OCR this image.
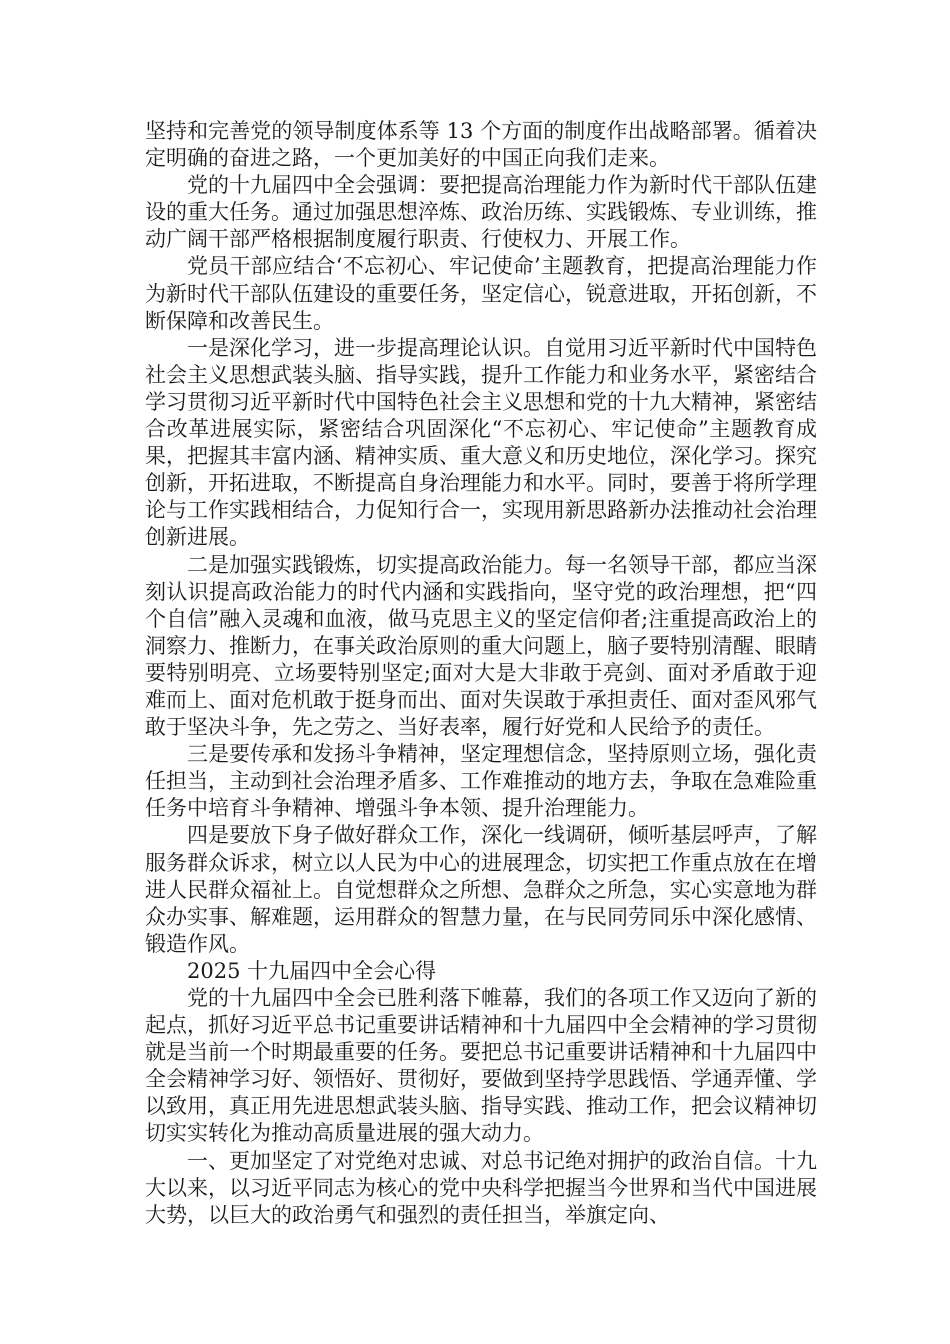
坚持和完善党的领导制度体系等 13 个方面的制度作出战略部署。循着决定明确的奋进之路，一个更加美好的中国正向我们走来。

党的十九届四中全会强调：要把提高治理能力作为新时代干部队伍建设的重大任务。通过加强思想淬炼、政治历练、实践锻炼、专业训练，推动广阔干部严格根据制度履行职责、行使权力、开展工作。

党员干部应结合‘不忘初心、牢记使命’主题教育，把提高治理能力作为新时代干部队伍建设的重要任务，坚定信心，锐意进取，开拓创新，不断保障和改善民生。

一是深化学习，进一步提高理论认识。自觉用习近平新时代中国特色社会主义思想武装头脑、指导实践，提升工作能力和业务水平，紧密结合学习贯彻习近平新时代中国特色社会主义思想和党的十九大精神，紧密结合改革进展实际，紧密结合巩固深化“不忘初心、牢记使命”主题教育成果，把握其丰富内涵、精神实质、重大意义和历史地位，深化学习。探究创新，开拓进取，不断提高自身治理能力和水平。同时，要善于将所学理论与工作实践相结合，力促知行合一，实现用新思路新办法推动社会治理创新进展。

二是加强实践锻炼，切实提高政治能力。每一名领导干部，都应当深刻认识提高政治能力的时代内涵和实践指向，坚守党的政治理想，把“四个自信”融入灵魂和血液，做马克思主义的坚定信仰者;注重提高政治上的洞察力、推断力，在事关政治原则的重大问题上，脑子要特别清醒、眼睛要特别明亮、立场要特别坚定;面对大是大非敢于亮剑、面对矛盾敢于迎难而上、面对危机敢于挺身而出、面对失误敢于承担责任、面对歪风邪气敢于坚决斗争，先之劳之、当好表率，履行好党和人民给予的责任。

三是要传承和发扬斗争精神，坚定理想信念，坚持原则立场，强化责任担当，主动到社会治理矛盾多、工作难推动的地方去，争取在急难险重任务中培育斗争精神、增强斗争本领、提升治理能力。

四是要放下身子做好群众工作，深化一线调研，倾听基层呼声，了解服务群众诉求，树立以人民为中心的进展理念，切实把工作重点放在在增进人民群众福祉上。自觉想群众之所想、急群众之所急，实心实意地为群众办实事、解难题，运用群众的智慧力量，在与民同劳同乐中深化感情、锻造作风。

2025 十九届四中全会心得

党的十九届四中全会已胜利落下帷幕，我们的各项工作又迈向了新的起点，抓好习近平总书记重要讲话精神和十九届四中全会精神的学习贯彻就是当前一个时期最重要的任务。要把总书记重要讲话精神和十九届四中全会精神学习好、领悟好、贯彻好，要做到坚持学思践悟、学通弄懂、学以致用，真正用先进思想武装头脑、指导实践、推动工作，把会议精神切切实实转化为推动高质量进展的强大动力。

一、更加坚定了对党绝对忠诚、对总书记绝对拥护的政治自信。十九大以来，以习近平同志为核心的党中央科学把握当今世界和当代中国进展大势，以巨大的政治勇气和强烈的责任担当，举旗定向、
